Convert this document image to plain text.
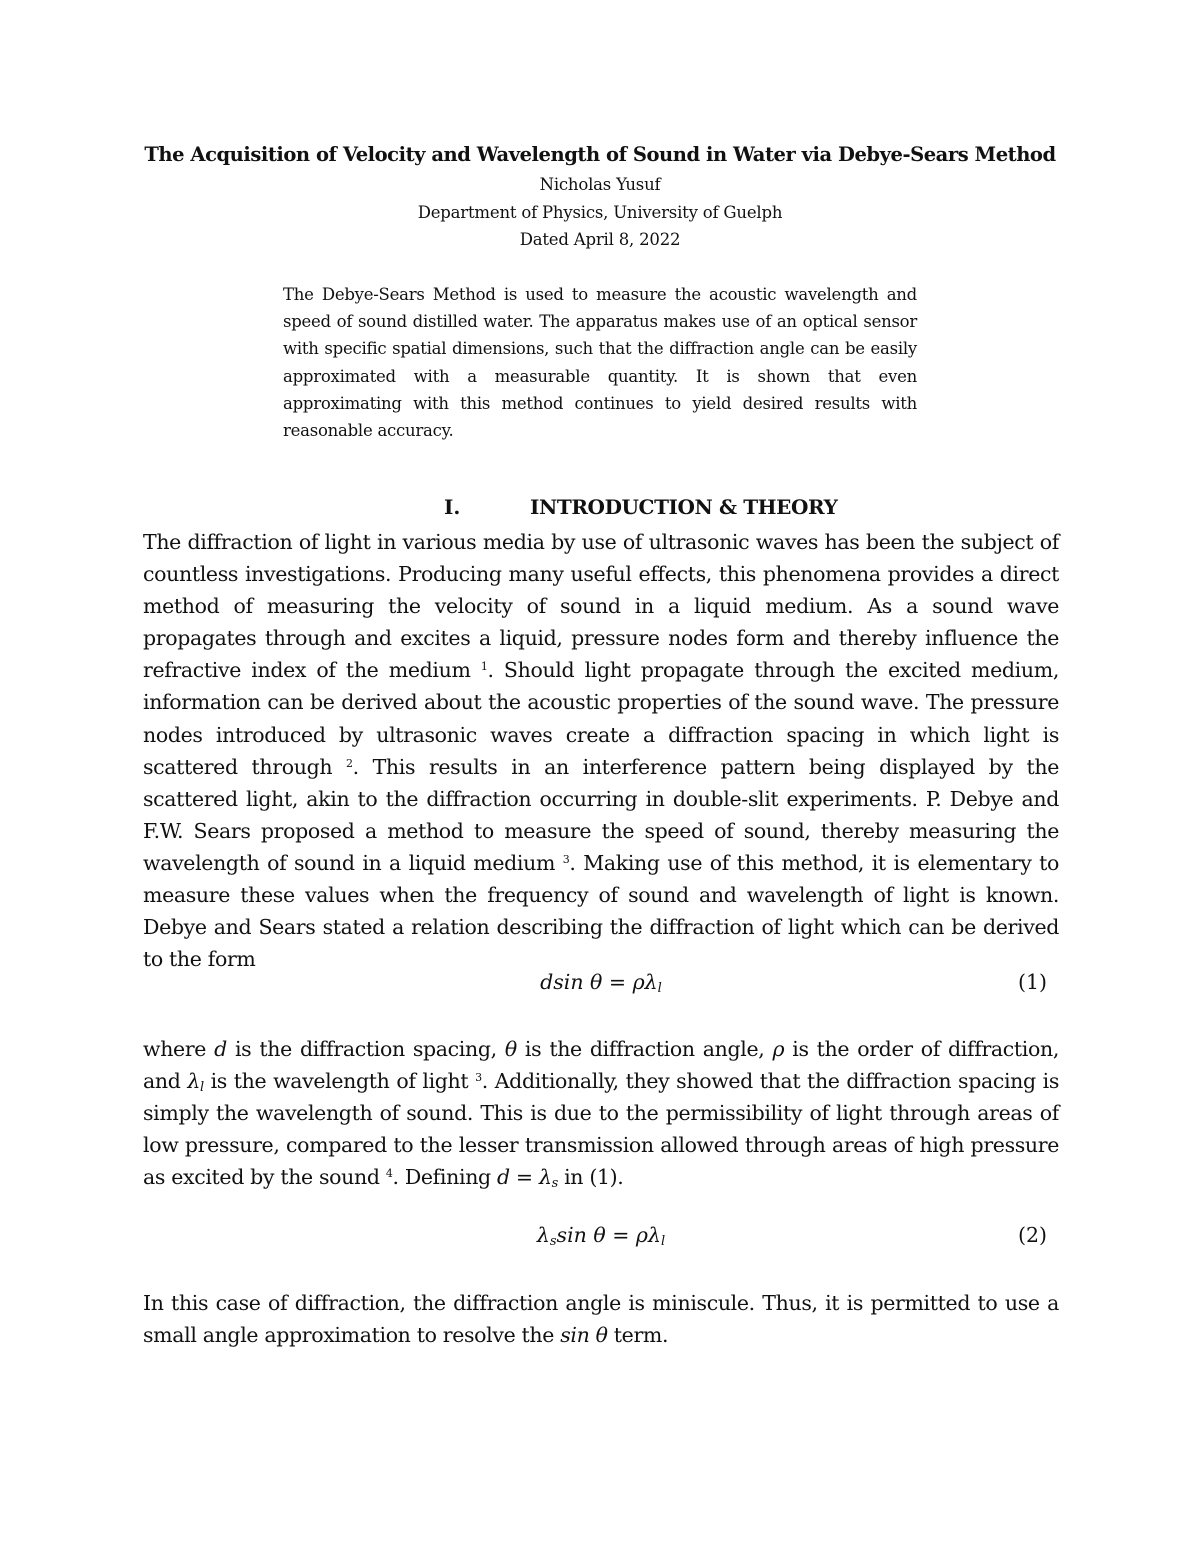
The Acquisition of Velocity and Wavelength of Sound in Water via Debye-Sears Method
Nicholas Yusuf
Department of Physics, University of Guelph
Dated April 8, 2022
The Debye-Sears Method is used to measure the acoustic wavelength and speed of sound distilled water. The apparatus makes use of an optical sensor with specific spatial dimensions, such that the diffraction angle can be easily approximated with a measurable quantity. It is shown that even approximating with this method continues to yield desired results with reasonable accuracy.
I.	INTRODUCTION & THEORY
The diffraction of light in various media by use of ultrasonic waves has been the subject of countless investigations. Producing many useful effects, this phenomena provides a direct method of measuring the velocity of sound in a liquid medium. As a sound wave propagates through and excites a liquid, pressure nodes form and thereby influence the refractive index of the medium $^1$. Should light propagate through the excited medium, information can be derived about the acoustic properties of the sound wave. The pressure nodes introduced by ultrasonic waves create a diffraction spacing in which light is scattered through $^2$. This results in an interference pattern being displayed by the scattered light, akin to the diffraction occurring in double-slit experiments. P. Debye and F.W. Sears proposed a method to measure the speed of sound, thereby measuring the wavelength of sound in a liquid medium $^3$. Making use of this method, it is elementary to measure these values when the frequency of sound and wavelength of light is known. Debye and Sears stated a relation describing the diffraction of light which can be derived to the form
dsin $\theta = \rho\lambda_l$	(1)
where d is the diffraction spacing, θ is the diffraction angle, ρ is the order of diffraction, and $\lambda_l$ is the wavelength of light $^3$. Additionally, they showed that the diffraction spacing is simply the wavelength of sound. This is due to the permissibility of light through areas of low pressure, compared to the lesser transmission allowed through areas of high pressure as excited by the sound $^4$. Defining $d = \lambda_s$ in (1).
$\lambda_s\sin$ $\theta = \rho\lambda_l$	(2)
In this case of diffraction, the diffraction angle is miniscule. Thus, it is permitted to use a small angle approximation to resolve the sin θ term.
